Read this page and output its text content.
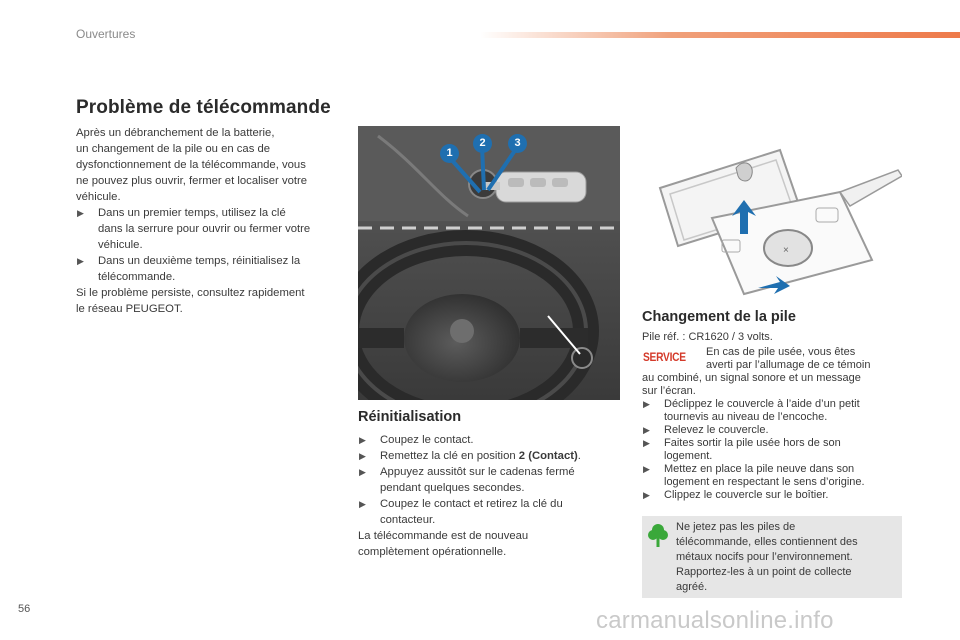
Ouvertures
Problème de télécommande

Après un débranchement de la batterie,

un changement de la pile ou en cas de

dysfonctionnement de la télécommande, vous

ne pouvez plus ouvrir, fermer et localiser votre

véhicule.

▶ Dans un premier temps, utilisez la clé

dans la serrure pour ouvrir ou fermer votre

véhicule.

▶ Dans un deuxième temps, réinitialisez la

télécommande.

Si le problème persiste, consultez rapidement

le réseau PEUGEOT.

1
2	3
Réinitialisation
▶ Coupez le contact.

▶ Remettez la clé en position 2 (Contact).

▶ Appuyez aussitôt sur le cadenas fermé

pendant quelques secondes.

▶ Coupez le contact et retirez la clé du

contacteur.

La télécommande est de nouveau

complètement opérationnelle.

×
Changement de la pile
Pile réf. : CR1620 / 3 volts.
SERVICE En cas de pile usée, vous êtes

averti par l’allumage de ce témoin

au combiné, un signal sonore et un message

sur l’écran.

▶ Déclippez le couvercle à l’aide d’un petit

tournevis au niveau de l’encoche.

▶ Relevez le couvercle.

▶ Faites sortir la pile usée hors de son

logement.

▶ Mettez en place la pile neuve dans son

logement en respectant le sens d’origine.

▶ Clippez le couvercle sur le boîtier.

Ne jetez pas les piles de

télécommande, elles contiennent des

métaux nocifs pour l’environnement.

Rapportez-les à un point de collecte

agréé.

56	carmanualsonline.info
